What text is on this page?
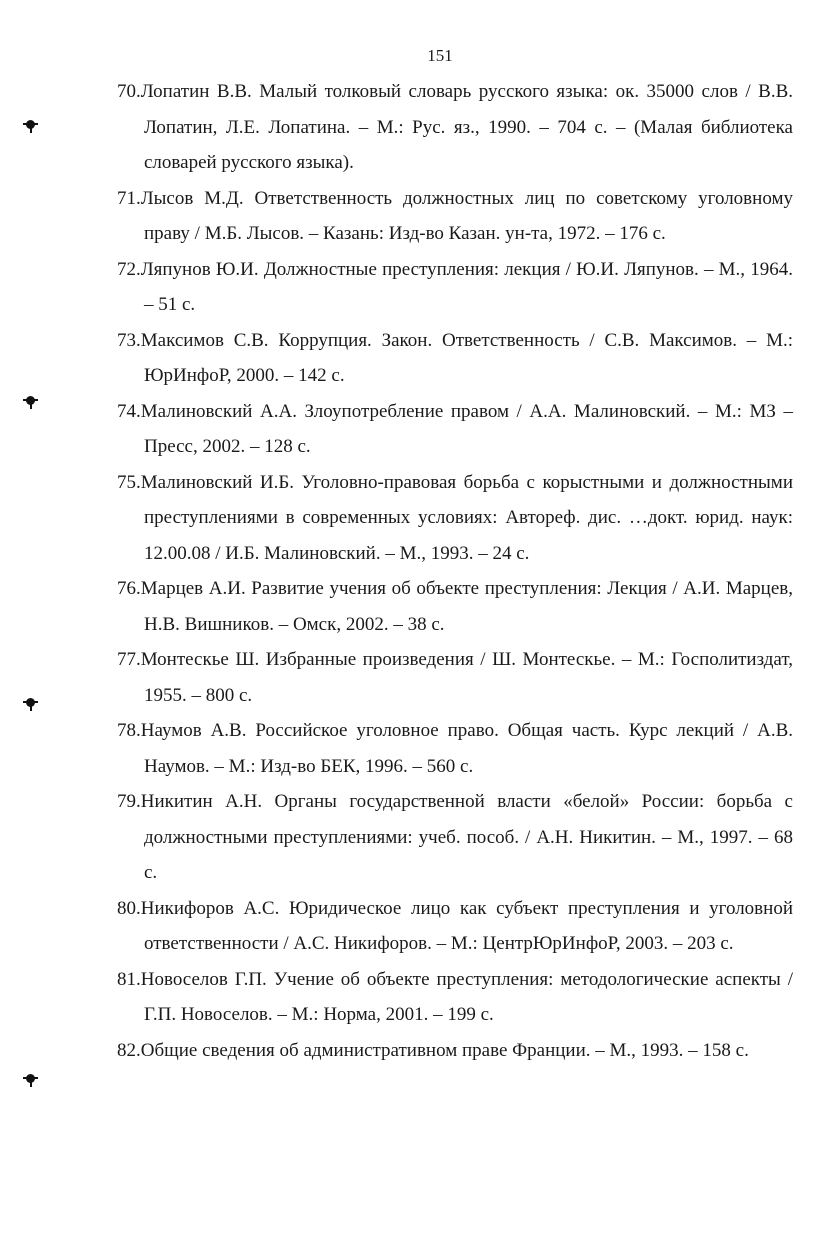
151
70.Лопатин В.В. Малый толковый словарь русского языка: ок. 35000 слов / В.В. Лопатин, Л.Е. Лопатина. – М.: Рус. яз., 1990. – 704 с. – (Малая библиотека словарей русского языка).
71.Лысов М.Д. Ответственность должностных лиц по советскому уголовному праву / М.Б. Лысов. – Казань: Изд-во Казан. ун-та, 1972. – 176 с.
72.Ляпунов Ю.И. Должностные преступления: лекция / Ю.И. Ляпунов. – М., 1964. – 51 с.
73.Максимов С.В. Коррупция. Закон. Ответственность / С.В. Максимов. – М.: ЮрИнфоР, 2000. – 142 с.
74.Малиновский А.А. Злоупотребление правом / А.А. Малиновский. – М.: МЗ – Пресс, 2002. – 128 с.
75.Малиновский И.Б. Уголовно-правовая борьба с корыстными и должностными преступлениями в современных условиях: Автореф. дис. …докт. юрид. наук: 12.00.08 / И.Б. Малиновский. – М., 1993. – 24 с.
76.Марцев А.И. Развитие учения об объекте преступления: Лекция / А.И. Марцев, Н.В. Вишников. – Омск, 2002. – 38 с.
77.Монтескье Ш. Избранные произведения / Ш. Монтескье. – М.: Госполитиздат, 1955. – 800 с.
78.Наумов А.В. Российское уголовное право. Общая часть. Курс лекций / А.В. Наумов. – М.: Изд-во БЕК, 1996. – 560 с.
79.Никитин А.Н. Органы государственной власти «белой» России: борьба с должностными преступлениями: учеб. пособ. / А.Н. Никитин. – М., 1997. – 68 с.
80.Никифоров А.С. Юридическое лицо как субъект преступления и уголовной ответственности / А.С. Никифоров. – М.: ЦентрЮрИнфоР, 2003. – 203 с.
81.Новоселов Г.П. Учение об объекте преступления: методологические аспекты / Г.П. Новоселов. – М.: Норма, 2001. – 199 с.
82.Общие сведения об административном праве Франции. – М., 1993. – 158 с.
